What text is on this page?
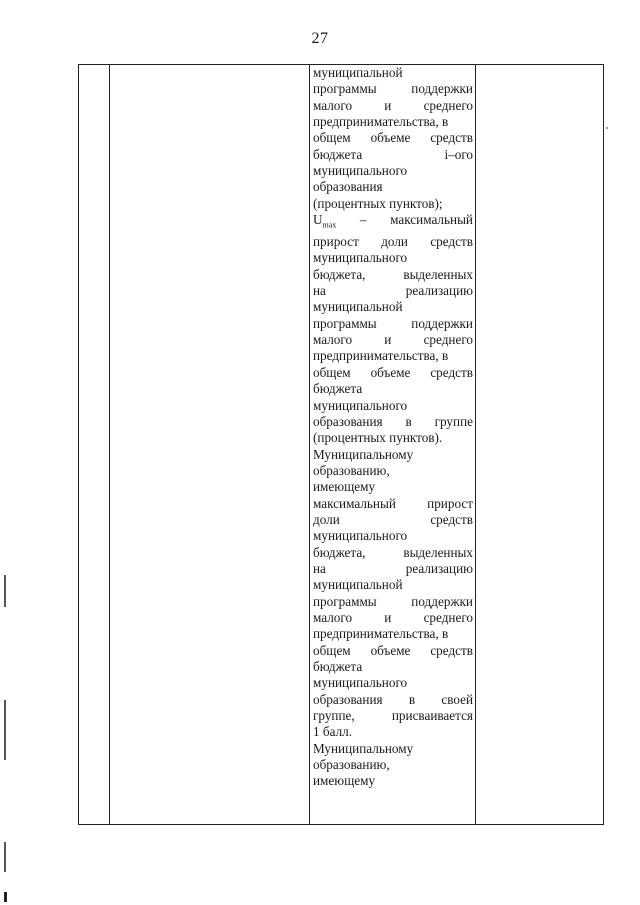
27
муниципальной
программы	поддержки
малого и среднего
предпринимательства, в
общем объеме средств
бюджета	i–ого
муниципального
образования
(процентных пунктов);
$U_{max}$ – максимальный
прирост доли средств
муниципального
бюджета,	выделенных
на	реализацию
муниципальной
программы	поддержки
малого и среднего
предпринимательства, в
общем объеме средств
бюджета
муниципального
образования в группе
(процентных пунктов).
Муниципальному
образованию,
имеющему
максимальный прирост
доли	средств
муниципального
бюджета,	выделенных
на	реализацию
муниципальной
программы	поддержки
малого и среднего
предпринимательства, в
общем объеме средств
бюджета
муниципального
образования в своей
группе,	присваивается
1 балл.
Муниципальному
образованию,
имеющему
